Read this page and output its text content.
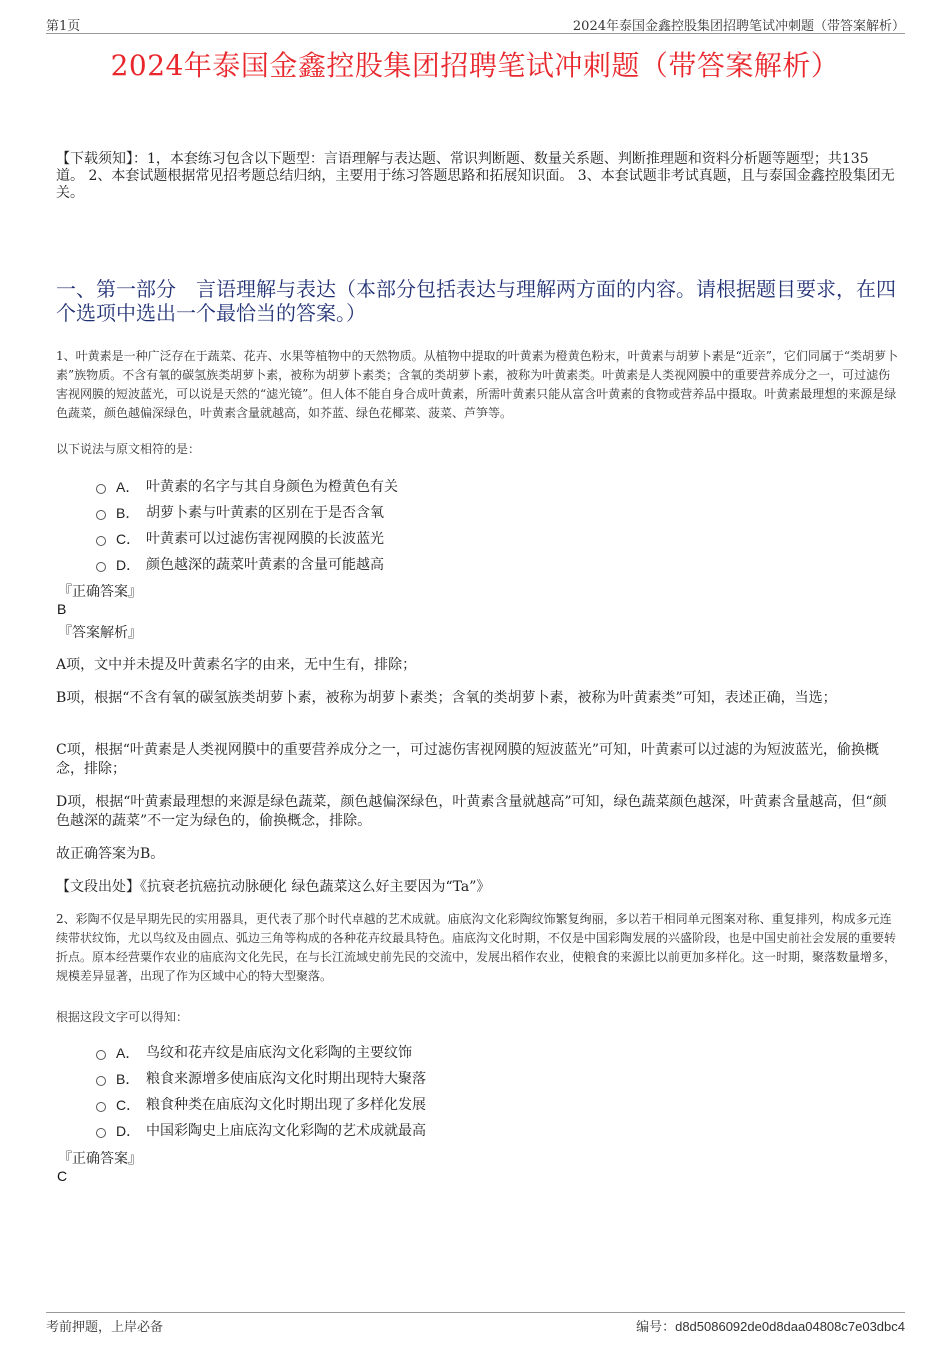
第1页	2024年泰国金鑫控股集团招聘笔试冲刺题（带答案解析）
2024年泰国金鑫控股集团招聘笔试冲刺题（带答案解析）
【下载须知】：1，本套练习包含以下题型：言语理解与表达题、常识判断题、数量关系题、判断推理题和资料分析题等题型；共135道。 2、本套试题根据常见招考题总结归纳，主要用于练习答题思路和拓展知识面。 3、本套试题非考试真题，且与泰国金鑫控股集团无关。
一、第一部分　言语理解与表达（本部分包括表达与理解两方面的内容。请根据题目要求，在四个选项中选出一个最恰当的答案。）
1、叶黄素是一种广泛存在于蔬菜、花卉、水果等植物中的天然物质。从植物中提取的叶黄素为橙黄色粉末，叶黄素与胡萝卜素是“近亲”，它们同属于“类胡萝卜素”族物质。不含有氧的碳氢族类胡萝卜素，被称为胡萝卜素类；含氧的类胡萝卜素，被称为叶黄素类。叶黄素是人类视网膜中的重要营养成分之一，可过滤伤害视网膜的短波蓝光，可以说是天然的“滤光镜”。但人体不能自身合成叶黄素，所需叶黄素只能从富含叶黄素的食物或营养品中摄取。叶黄素最理想的来源是绿色蔬菜，颜色越偏深绿色，叶黄素含量就越高，如芥蓝、绿色花椰菜、菠菜、芦笋等。
以下说法与原文相符的是：
A． 叶黄素的名字与其自身颜色为橙黄色有关
B． 胡萝卜素与叶黄素的区别在于是否含氧
C． 叶黄素可以过滤伤害视网膜的长波蓝光
D． 颜色越深的蔬菜叶黄素的含量可能越高
『正确答案』
B
『答案解析』
A项，文中并未提及叶黄素名字的由来，无中生有，排除；
B项，根据“不含有氧的碳氢族类胡萝卜素，被称为胡萝卜素类；含氧的类胡萝卜素，被称为叶黄素类”可知，表述正确，当选；
C项，根据“叶黄素是人类视网膜中的重要营养成分之一，可过滤伤害视网膜的短波蓝光”可知，叶黄素可以过滤的为短波蓝光，偷换概念，排除；
D项，根据“叶黄素最理想的来源是绿色蔬菜，颜色越偏深绿色，叶黄素含量就越高”可知，绿色蔬菜颜色越深，叶黄素含量越高，但“颜色越深的蔬菜”不一定为绿色的，偷换概念，排除。
故正确答案为B。
【文段出处】《抗衰老抗癌抗动脉硬化 绿色蔬菜这么好主要因为“Ta”》
2、彩陶不仅是早期先民的实用器具，更代表了那个时代卓越的艺术成就。庙底沟文化彩陶纹饰繁复绚丽，多以若干相同单元图案对称、重复排列，构成多元连续带状纹饰，尤以鸟纹及由圆点、弧边三角等构成的各种花卉纹最具特色。庙底沟文化时期，不仅是中国彩陶发展的兴盛阶段，也是中国史前社会发展的重要转折点。原本经营粟作农业的庙底沟文化先民，在与长江流域史前先民的交流中，发展出稻作农业，使粮食的来源比以前更加多样化。这一时期，聚落数量增多，规模差异显著，出现了作为区域中心的特大型聚落。
根据这段文字可以得知：
A． 鸟纹和花卉纹是庙底沟文化彩陶的主要纹饰
B． 粮食来源增多使庙底沟文化时期出现特大聚落
C． 粮食种类在庙底沟文化时期出现了多样化发展
D． 中国彩陶史上庙底沟文化彩陶的艺术成就最高
『正确答案』
C
考前押题，上岸必备	编号：d8d5086092de0d8daa04808c7e03dbc4
